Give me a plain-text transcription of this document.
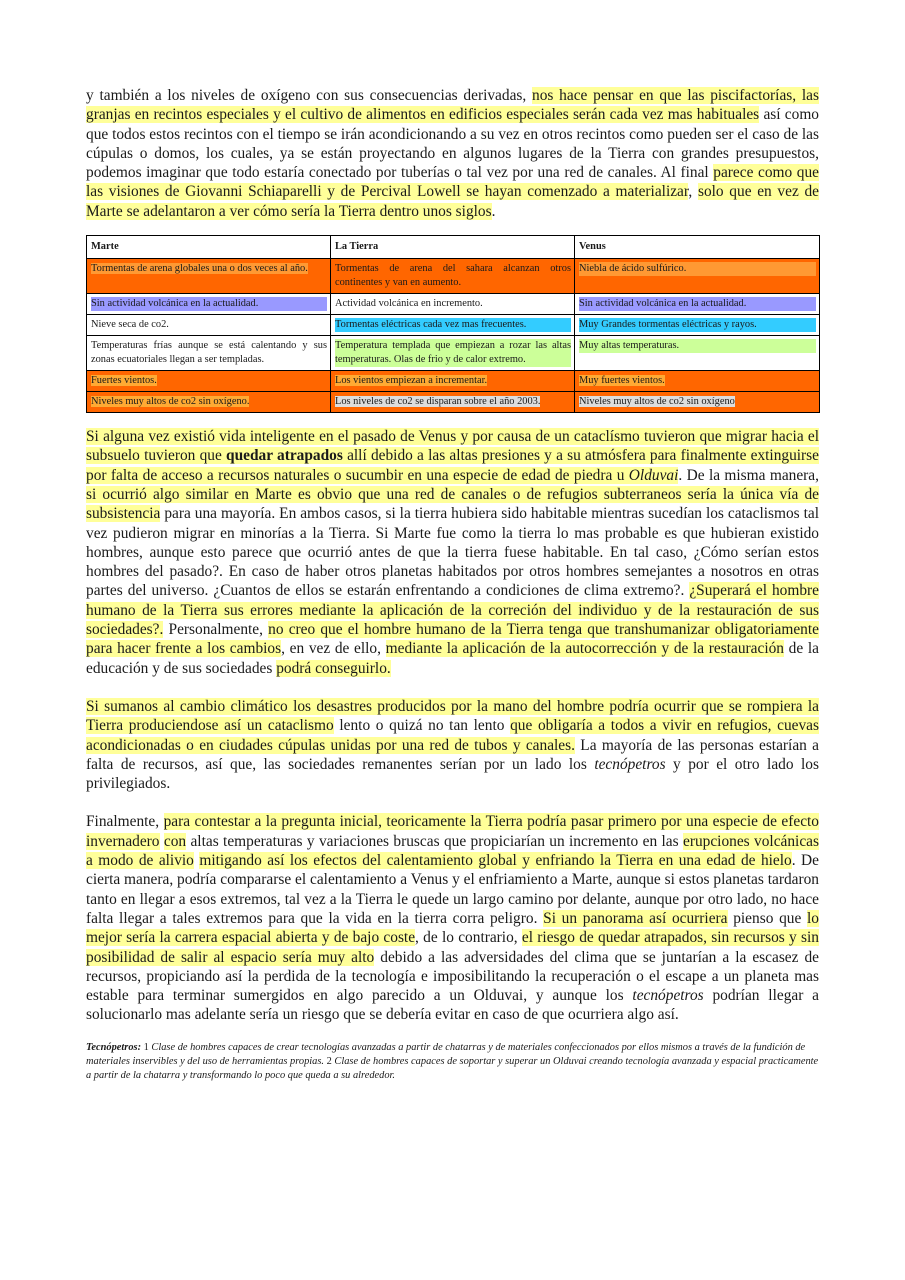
y también a los niveles de oxígeno con sus consecuencias derivadas, nos hace pensar en que las piscifactorías, las granjas en recintos especiales y el cultivo de alimentos en edificios especiales serán cada vez mas habituales así como que todos estos recintos con el tiempo se irán acondicionando a su vez en otros recintos como pueden ser el caso de las cúpulas o domos, los cuales, ya se están proyectando en algunos lugares de la Tierra con grandes presupuestos, podemos imaginar que todo estaría conectado por tuberías o tal vez por una red de canales. Al final parece como que las visiones de Giovanni Schiaparelli y de Percival Lowell se hayan comenzado a materializar, solo que en vez de Marte se adelantaron a ver cómo sería la Tierra dentro unos siglos.

Marte	La Tierra	Venus
Tormentas de arena globales una o dos veces al año.	Tormentas de arena del sahara alcanzan otros continentes y van en aumento.	Niebla de ácido sulfúrico.

Sin actividad volcánica en la actualidad.	Actividad volcánica en incremento.	Sin actividad volcánica en la actualidad.

Nieve seca de co2.	Tormentas eléctricas cada vez mas frecuentes.	Muy Grandes tormentas eléctricas y rayos.

Temperaturas frías aunque se está calentando y sus zonas ecuatoriales llegan a ser templadas.	Temperatura templada que empiezan a rozar las altas temperaturas. Olas de frio y de calor extremo.	Muy altas temperaturas.

Fuertes vientos.	Los vientos empiezan a incrementar.	Muy fuertes vientos.
Niveles muy altos de co2 sin oxígeno.	Los niveles de co2 se disparan sobre el año 2003.	Niveles muy altos de co2 sin oxígeno

Si alguna vez existió vida inteligente en el pasado de Venus y por causa de un cataclísmo tuvieron que migrar hacia el subsuelo tuvieron que quedar atrapados allí debido a las altas presiones y a su atmósfera para finalmente extinguirse por falta de acceso a recursos naturales o sucumbir en una especie de edad de piedra u Olduvai. De la misma manera, si ocurrió algo similar en Marte es obvio que una red de canales o de refugios subterraneos sería la única vía de subsistencia para una mayoría. En ambos casos, si la tierra hubiera sido habitable mientras sucedían los cataclismos tal vez pudieron migrar en minorías a la Tierra. Si Marte fue como la tierra lo mas probable es que hubieran existido hombres, aunque esto parece que ocurrió antes de que la tierra fuese habitable. En tal caso, ¿Cómo serían estos hombres del pasado?. En caso de haber otros planetas habitados por otros hombres semejantes a nosotros en otras partes del universo. ¿Cuantos de ellos se estarán enfrentando a condiciones de clima extremo?. ¿Superará el hombre humano de la Tierra sus errores mediante la aplicación de la correción del individuo y de la restauración de sus sociedades?. Personalmente, no creo que el hombre humano de la Tierra tenga que transhumanizar obligatoriamente para hacer frente a los cambios, en vez de ello, mediante la aplicación de la autocorrección y de la restauración de la educación y de sus sociedades podrá conseguirlo.

Si sumanos al cambio climático los desastres producidos por la mano del hombre podría ocurrir que se rompiera la Tierra produciendose así un cataclismo lento o quizá no tan lento que obligaría a todos a vivir en refugios, cuevas acondicionadas o en ciudades cúpulas unidas por una red de tubos y canales. La mayoría de las personas estarían a falta de recursos, así que, las sociedades remanentes serían por un lado los tecnópetros y por el otro lado los privilegiados.

Finalmente, para contestar a la pregunta inicial, teoricamente la Tierra podría pasar primero por una especie de efecto invernadero con altas temperaturas y variaciones bruscas que propiciarían un incremento en las erupciones volcánicas a modo de alivio mitigando así los efectos del calentamiento global y enfriando la Tierra en una edad de hielo. De cierta manera, podría compararse el calentamiento a Venus y el enfriamiento a Marte, aunque si estos planetas tardaron tanto en llegar a esos extremos, tal vez a la Tierra le quede un largo camino por delante, aunque por otro lado, no hace falta llegar a tales extremos para que la vida en la tierra corra peligro. Si un panorama así ocurriera pienso que lo mejor sería la carrera espacial abierta y de bajo coste, de lo contrario, el riesgo de quedar atrapados, sin recursos y sin posibilidad de salir al espacio sería muy alto debido a las adversidades del clima que se juntarían a la escasez de recursos, propiciando así la perdida de la tecnología e imposibilitando la recuperación o el escape a un planeta mas estable para terminar sumergidos en algo parecido a un Olduvai, y aunque los tecnópetros podrían llegar a solucionarlo mas adelante sería un riesgo que se debería evitar en caso de que ocurriera algo así.

Tecnópetros: 1 Clase de hombres capaces de crear tecnologías avanzadas a partir de chatarras y de materiales confeccionados por ellos mismos a través de la fundición de materiales inservibles y del uso de herramientas propias. 2 Clase de hombres capaces de soportar y superar un Olduvai creando tecnología avanzada y espacial practicamente a partir de la chatarra y transformando lo poco que queda a su alrededor.
